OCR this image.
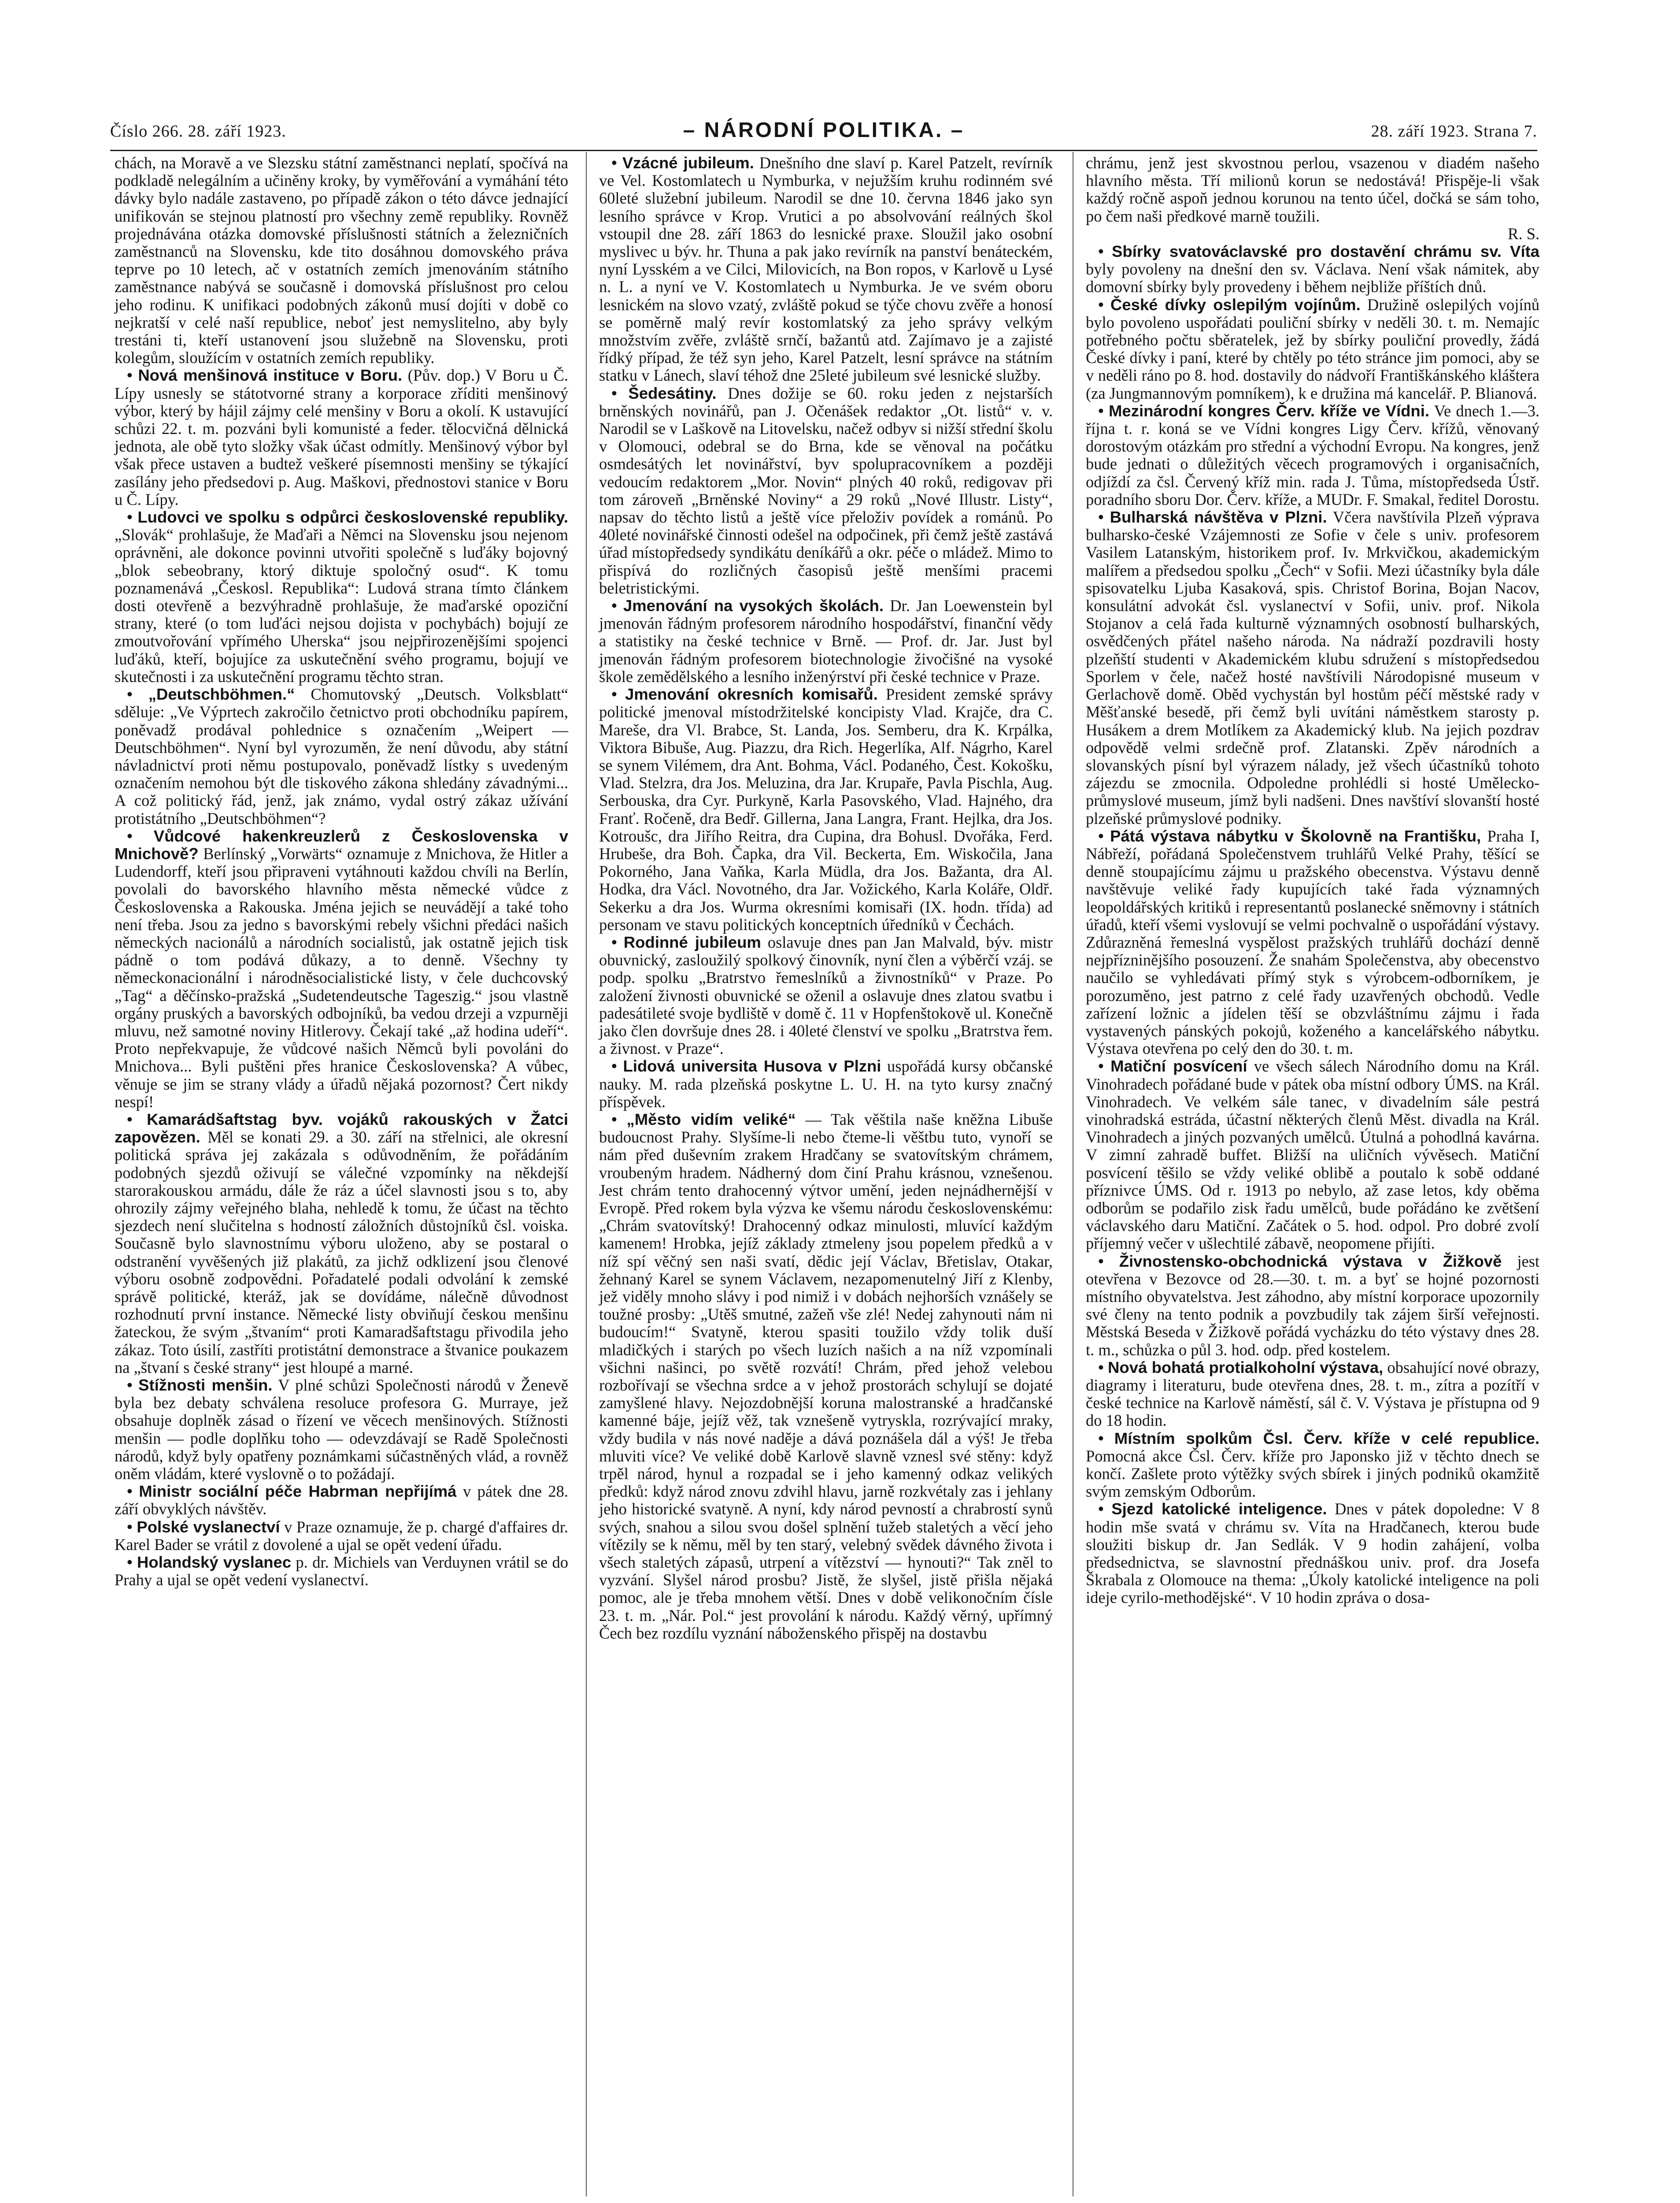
Číslo 266. 28. září 1923.	– NÁRODNÍ POLITIKA. –	28. září 1923. Strana 7.

chách, na Moravě a ve Slezsku státní zaměstnanci neplatí, spočívá na podkladě nelegálním a učiněny kroky, by vyměřování a vymáhání této dávky bylo nadále zastaveno, po případě zákon o této dávce jednající unifikován se stejnou platností pro všechny země republiky. Rovněž projednávána otázka domovské příslušnosti státních a železničních zaměstnanců na Slovensku, kde tito dosáhnou domovského práva teprve po 10 letech, ač v ostatních zemích jmenováním státního zaměstnance nabývá se současně i domovská příslušnost pro celou jeho rodinu. K unifikaci podobných zákonů musí dojíti v době co nejkratší v celé naší republice, neboť jest nemyslitelno, aby byly trestáni ti, kteří ustanovení jsou služebně na Slovensku, proti kolegům, sloužícím v ostatních zemích republiky.

• Nová menšinová instituce v Boru. (Pův. dop.) V Boru u Č. Lípy usnesly se státotvorné strany a korporace zříditi menšinový výbor, který by hájil zájmy celé menšiny v Boru a okolí. K ustavující schůzi 22. t. m. pozváni byli komunisté a feder. tělocvičná dělnická jednota, ale obě tyto složky však účast odmítly. Menšinový výbor byl však přece ustaven a budtež veškeré písemnosti menšiny se týkající zasílány jeho předsedovi p. Aug. Maškovi, přednostovi stanice v Boru u Č. Lípy.

• Ludovci ve spolku s odpůrci československé republiky. „Slovák“ prohlašuje, že Maďaři a Němci na Slovensku jsou nejenom oprávněni, ale dokonce povinni utvořiti společně s luďáky bojovný „blok sebeobrany, ktorý diktuje spoločný osud“. K tomu poznamenává „Českosl. Republika“: Ludová strana tímto článkem dosti otevřeně a bezvýhradně prohlašuje, že maďarské opoziční strany, které (o tom luďáci nejsou dojista v pochybách) bojují ze zmoutvořování vpřímého Uherska“ jsou nejpřirozenějšími spojenci luďáků, kteří, bojujíce za uskutečnění svého programu, bojují ve skutečnosti i za uskutečnění programu těchto stran.

• „Deutschböhmen.“ Chomutovský „Deutsch. Volksblatt“ sděluje: „Ve Výprtech zakročilo četnictvo proti obchodníku papírem, poněvadž prodával pohlednice s označením „Weipert — Deutschböhmen“. Nyní byl vyrozuměn, že není důvodu, aby státní návladnictví proti němu postupovalo, poněvadž lístky s uvedeným označením nemohou být dle tiskového zákona shledány závadnými... A což politický řád, jenž, jak známo, vydal ostrý zákaz užívání protistátního „Deutschböhmen“?

• Vůdcové hakenkreuzlerů z Československa v Mnichově? Berlínský „Vorwärts“ oznamuje z Mnichova, že Hitler a Ludendorff, kteří jsou připraveni vytáhnouti každou chvíli na Berlín, povolali do bavorského hlavního města německé vůdce z Československa a Rakouska. Jména jejich se neuvádějí a také toho není třeba. Jsou za jedno s bavorskými rebely všichni předáci našich německých nacionálů a národních socialistů, jak ostatně jejich tisk pádně o tom podává důkazy, a to denně. Všechny ty německonacionální i národněsocialistické listy, v čele duchcovský „Tag“ a děčínsko-pražská „Sudetendeutsche Tageszig.“ jsou vlastně orgány pruských a bavorských odbojníků, ba vedou drzeji a vzpurněji mluvu, než samotné noviny Hitlerovy. Čekají také „až hodina udeří“. Proto nepřekvapuje, že vůdcové našich Němců byli povoláni do Mnichova... Byli puštěni přes hranice Československa? A vůbec, věnuje se jim se strany vlády a úřadů nějaká pozornost? Čert nikdy nespí!

• Kamarádšaftstag byv. vojáků rakouských v Žatci zapovězen. Měl se konati 29. a 30. září na střelnici, ale okresní politická správa jej zakázala s odůvodněním, že pořádáním podobných sjezdů oživují se válečné vzpomínky na někdejší starorakouskou armádu, dále že ráz a účel slavnosti jsou s to, aby ohrozily zájmy veřejného blaha, nehledě k tomu, že účast na těchto sjezdech není slučitelna s hodností záložních důstojníků čsl. voiska. Současně bylo slavnostnímu výboru uloženo, aby se postaral o odstranění vyvěšených již plakátů, za jichž odklizení jsou členové výboru osobně zodpovědni. Pořadatelé podali odvolání k zemské správě politické, kteráž, jak se dovídáme, nálečně důvodnost rozhodnutí první instance. Německé listy obviňují českou menšinu žateckou, že svým „štvaním“ proti Kamaradšaftstagu přivodila jeho zákaz. Toto úsilí, zastříti protistátní demonstrace a štvanice poukazem na „štvaní s české strany“ jest hloupé a marné.

• Stížnosti menšin. V plné schůzi Společnosti národů v Ženevě byla bez debaty schválena resoluce profesora G. Murraye, jež obsahuje doplněk zásad o řízení ve věcech menšinových. Stížnosti menšin — podle doplňku toho — odevzdávají se Radě Společnosti národů, když byly opatřeny poznámkami súčastněných vlád, a rovněž oněm vládám, které vyslovně o to požádají.

• Ministr sociální péče Habrman nepřijímá v pátek dne 28. září obvyklých návštěv.

• Polské vyslanectví v Praze oznamuje, že p. chargé d'affaires dr. Karel Bader se vrátil z dovolené a ujal se opět vedení úřadu.

• Holandský vyslanec p. dr. Michiels van Verduynen vrátil se do Prahy a ujal se opět vedení vyslanectví.

• Vzácné jubileum. Dnešního dne slaví p. Karel Patzelt, revírník ve Vel. Kostomlatech u Nymburka, v nejužším kruhu rodinném své 60leté služební jubileum. Narodil se dne 10. června 1846 jako syn lesního správce v Krop. Vrutici a po absolvování reálných škol vstoupil dne 28. září 1863 do lesnické praxe. Sloužil jako osobní myslivec u býv. hr. Thuna a pak jako revírník na panství benáteckém, nyní Lysském a ve Cilci, Milovicích, na Bon ropos, v Karlově u Lysé n. L. a nyní ve V. Kostomlatech u Nymburka. Je ve svém oboru lesnickém na slovo vzatý, zvláště pokud se týče chovu zvěře a honosí se poměrně malý revír kostomlatský za jeho správy velkým množstvím zvěře, zvláště srnčí, bažantů atd. Zajímavo je a zajisté řídký případ, že též syn jeho, Karel Patzelt, lesní správce na státním statku v Lánech, slaví téhož dne 25leté jubileum své lesnické služby.

• Šedesátiny. Dnes dožije se 60. roku jeden z nejstarších brněnských novinářů, pan J. Očenášek redaktor „Ot. listů“ v. v. Narodil se v Laškově na Litovelsku, načež odbyv si nižší střední školu v Olomouci, odebral se do Brna, kde se věnoval na počátku osmdesátých let novinářství, byv spolupracovníkem a později vedoucím redaktorem „Mor. Novin“ plných 40 roků, redigovav při tom zároveň „Brněnské Noviny“ a 29 roků „Nové Illustr. Listy“, napsav do těchto listů a ještě více přeloživ povídek a románů. Po 40leté novinářské činnosti odešel na odpočinek, při čemž ještě zastává úřad místopředsedy syndikátu deníkářů a okr. péče o mládež. Mimo to přispívá do rozličných časopisů ještě menšími pracemi beletristickými.

• Jmenování na vysokých školách. Dr. Jan Loewenstein byl jmenován řádným profesorem národního hospodářství, finanční vědy a statistiky na české technice v Brně. — Prof. dr. Jar. Just byl jmenován řádným profesorem biotechnologie živočišné na vysoké škole zemědělského a lesního inženýrství při české technice v Praze.

• Jmenování okresních komisařů. President zemské správy politické jmenoval místodržitelské koncipisty Vlad. Krajče, dra C. Mareše, dra Vl. Brabce, St. Landa, Jos. Semberu, dra K. Krpálka, Viktora Bibuše, Aug. Piazzu, dra Rich. Hegerlíka, Alf. Nágrho, Karel se synem Vilémem, dra Ant. Bohma, Václ. Podaného, Čest. Kokošku, Vlad. Stelzra, dra Jos. Meluzina, dra Jar. Krupaře, Pavla Pischla, Aug. Serbouska, dra Cyr. Purkyně, Karla Pasovského, Vlad. Hajného, dra Franť. Ročeně, dra Bedř. Gillerna, Jana Langra, Frant. Hejlka, dra Jos. Kotroušc, dra Jiřího Reitra, dra Cupina, dra Bohusl. Dvořáka, Ferd. Hrubeše, dra Boh. Čapka, dra Vil. Beckerta, Em. Wiskočila, Jana Pokorného, Jana Vaňka, Karla Müdla, dra Jos. Bažanta, dra Al. Hodka, dra Václ. Novotného, dra Jar. Vožického, Karla Koláře, Oldř. Sekerku a dra Jos. Wurma okresními komisaři (IX. hodn. třída) ad personam ve stavu politických konceptních úředníků v Čechách.

• Rodinné jubileum oslavuje dnes pan Jan Malvald, býv. mistr obuvnický, zasloužilý spolkový činovník, nyní člen a výběrčí vzáj. se podp. spolku „Bratrstvo řemeslníků a živnostníků“ v Praze. Po založení živnosti obuvnické se oženil a oslavuje dnes zlatou svatbu i padesátileté svoje bydliště v domě č. 11 v Hopfenštokově ul. Konečně jako člen dovršuje dnes 28. i 40leté členství ve spolku „Bratrstva řem. a živnost. v Praze“.

• Lidová universita Husova v Plzni uspořádá kursy občanské nauky. M. rada plzeňská poskytne L. U. H. na tyto kursy značný příspěvek.

• „Město vidím veliké“ — Tak věštila naše kněžna Libuše budoucnost Prahy. Slyšíme-li nebo čteme-li věštbu tuto, vynoří se nám před duševním zrakem Hradčany se svatovítským chrámem, vroubeným hradem. Nádherný dom činí Prahu krásnou, vznešenou. Jest chrám tento drahocenný výtvor umění, jeden nejnádhernější v Evropě. Před rokem byla výzva ke všemu národu československému: „Chrám svatovítský! Drahocenný odkaz minulosti, mluvící každým kamenem! Hrobka, jejíž základy ztmeleny jsou popelem předků a v níž spí věčný sen naši svatí, dědic její Václav, Břetislav, Otakar, žehnaný Karel se synem Václavem, nezapomenutelný Jiří z Klenby, jež viděly mnoho slávy i pod nimiž i v dobách nejhorších vznášely se toužné prosby: „Utěš smutné, zažeň vše zlé! Nedej zahynouti nám ni budoucím!“ Svatyně, kterou spasiti toužilo vždy tolik duší mladičkých i starých po všech luzích našich a na níž vzpomínali všichni našinci, po světě rozvátí! Chrám, před jehož velebou rozbořívají se všechna srdce a v jehož prostorách schylují se dojaté zamyšlené hlavy. Nejozdobnější koruna malostranské a hradčanské kamenné báje, jejíž věž, tak vznešeně vytryskla, rozrývající mraky, vždy budila v nás nové naděje a dává poznášela dál a výš! Je třeba mluviti více? Ve veliké době Karlově slavně vznesl své stěny: když trpěl národ, hynul a rozpadal se i jeho kamenný odkaz velikých předků: když národ znovu zdvihl hlavu, jarně rozkvétaly zas i jehlany jeho historické svatyně. A nyní, kdy národ pevností a chrabrostí synů svých, snahou a silou svou došel splnění tužeb staletých a věcí jeho vítězily se k němu, měl by ten starý, velebný svědek dávného života i všech staletých zápasů, utrpení a vítězství — hynouti?“ Tak zněl to vyzvání. Slyšel národ prosbu? Jistě, že slyšel, jistě přišla nějaká pomoc, ale je třeba mnohem větší. Dnes v době velikonočním čísle 23. t. m. „Nár. Pol.“ jest provolání k národu. Každý věrný, upřímný Čech bez rozdílu vyznání náboženského přispěj na dostavbu

chrámu, jenž jest skvostnou perlou, vsazenou v diadém našeho hlavního města. Tří milionů korun se nedostává! Přispěje-li však každý ročně aspoň jednou korunou na tento účel, dočká se sám toho, po čem naši předkové marně toužili.

R. S.

• Sbírky svatováclavské pro dostavění chrámu sv. Víta byly povoleny na dnešní den sv. Václava. Není však námitek, aby domovní sbírky byly provedeny i během nejbliže příštích dnů.

• České dívky oslepilým vojínům. Družině oslepilých vojínů bylo povoleno uspořádati pouliční sbírky v neděli 30. t. m. Nemajíc potřebného počtu sběratelek, jež by sbírky pouliční provedly, žádá České dívky i paní, které by chtěly po této stránce jim pomoci, aby se v neděli ráno po 8. hod. dostavily do nádvoří Františkánského kláštera (za Jungmannovým pomníkem), k e družina má kancelář. P. Blianová.

• Mezinárodní kongres Červ. kříže ve Vídni. Ve dnech 1.—3. října t. r. koná se ve Vídni kongres Ligy Červ. křížů, věnovaný dorostovým otázkám pro střední a východní Evropu. Na kongres, jenž bude jednati o důležitých věcech programových i organisačních, odjíždí za čsl. Červený kříž min. rada J. Tůma, místopředseda Ústř. poradního sboru Dor. Červ. kříže, a MUDr. F. Smakal, ředitel Dorostu.

• Bulharská návštěva v Plzni. Včera navštívila Plzeň výprava bulharsko-české Vzájemnosti ze Sofie v čele s univ. profesorem Vasilem Latanským, historikem prof. Iv. Mrkvičkou, akademickým malířem a předsedou spolku „Čech“ v Sofii. Mezi účastníky byla dále spisovatelku Ljuba Kasaková, spis. Christof Borina, Bojan Nacov, konsulátní advokát čsl. vyslanectví v Sofii, univ. prof. Nikola Stojanov a celá řada kulturně významných osobností bulharských, osvědčených přátel našeho národa. Na nádraží pozdravili hosty plzeňští studenti v Akademickém klubu sdružení s místopředsedou Sporlem v čele, načež hosté navštívili Národopisné museum v Gerlachově domě. Oběd vychystán byl hostům péčí městské rady v Měšťanské besedě, při čemž byli uvítáni náměstkem starosty p. Husákem a drem Motlíkem za Akademický klub. Na jejich pozdrav odpovědě velmi srdečně prof. Zlatanski. Zpěv národních a slovanských písní byl výrazem nálady, jež všech účastníků tohoto zájezdu se zmocnila. Odpoledne prohlédli si hosté Umělecko-průmyslové museum, jímž byli nadšeni. Dnes navštíví slovanští hosté plzeňské průmyslové podniky.

• Pátá výstava nábytku v Školovně na Františku, Praha I, Nábřeží, pořádaná Společenstvem truhlářů Velké Prahy, těšící se denně stoupajícímu zájmu u pražského obecenstva. Výstavu denně navštěvuje veliké řady kupujících také řada významných leopoldářských kritiků i representantů poslanecké sněmovny i státních úřadů, kteří všemi vyslovují se velmi pochvalně o uspořádání výstavy. Zdůrazněná řemeslná vyspělost pražských truhlářů dochází denně nejpřízninějšího posouzení. Že snahám Společenstva, aby obecenstvo naučilo se vyhledávati přímý styk s výrobcem-odborníkem, je porozuměno, jest patrno z celé řady uzavřených obchodů. Vedle zařízení ložnic a jídelen těší se obzvláštnímu zájmu i řada vystavených pánských pokojů, koženého a kancelářského nábytku. Výstava otevřena po celý den do 30. t. m.

• Matiční posvícení ve všech sálech Národního domu na Král. Vinohradech pořádané bude v pátek oba místní odbory ÚMS. na Král. Vinohradech. Ve velkém sále tanec, v divadelním sále pestrá vinohradská estráda, účastní některých členů Měst. divadla na Král. Vinohradech a jiných pozvaných umělců. Útulná a pohodlná kavárna. V zimní zahradě buffet. Bližší na uličních vývěsech. Matiční posvícení těšilo se vždy veliké oblibě a poutalo k sobě oddané příznivce ÚMS. Od r. 1913 po nebylo, až zase letos, kdy oběma odborům se podařilo zisk řadu umělců, bude pořádáno ke zvětšení václavského daru Matiční. Začátek o 5. hod. odpol. Pro dobré zvolí příjemný večer v ušlechtilé zábavě, neopomene přijíti.

• Živnostensko-obchodnická výstava v Žižkově jest otevřena v Bezovce od 28.—30. t. m. a byť se hojné pozornosti místního obyvatelstva. Jest záhodno, aby místní korporace upozornily své členy na tento podnik a povzbudily tak zájem širší veřejnosti. Městská Beseda v Žižkově pořádá vycházku do této výstavy dnes 28. t. m., schůzka o půl 3. hod. odp. před kostelem.

• Nová bohatá protialkoholní výstava, obsahující nové obrazy, diagramy i literaturu, bude otevřena dnes, 28. t. m., zítra a pozítří v české technice na Karlově náměstí, sál č. V. Výstava je přístupna od 9 do 18 hodin.

• Místním spolkům Čsl. Červ. kříže v celé republice. Pomocná akce Čsl. Červ. kříže pro Japonsko již v těchto dnech se končí. Zašlete proto výtěžky svých sbírek i jiných podniků okamžitě svým zemským Odborům.

• Sjezd katolické inteligence. Dnes v pátek dopoledne: V 8 hodin mše svatá v chrámu sv. Víta na Hradčanech, kterou bude sloužiti biskup dr. Jan Sedlák. V 9 hodin zahájení, volba předsednictva, se slavnostní přednáškou univ. prof. dra Josefa Škrabala z Olomouce na thema: „Úkoly katolické inteligence na poli ideje cyrilo-methodějské“. V 10 hodin zpráva o dosa-
